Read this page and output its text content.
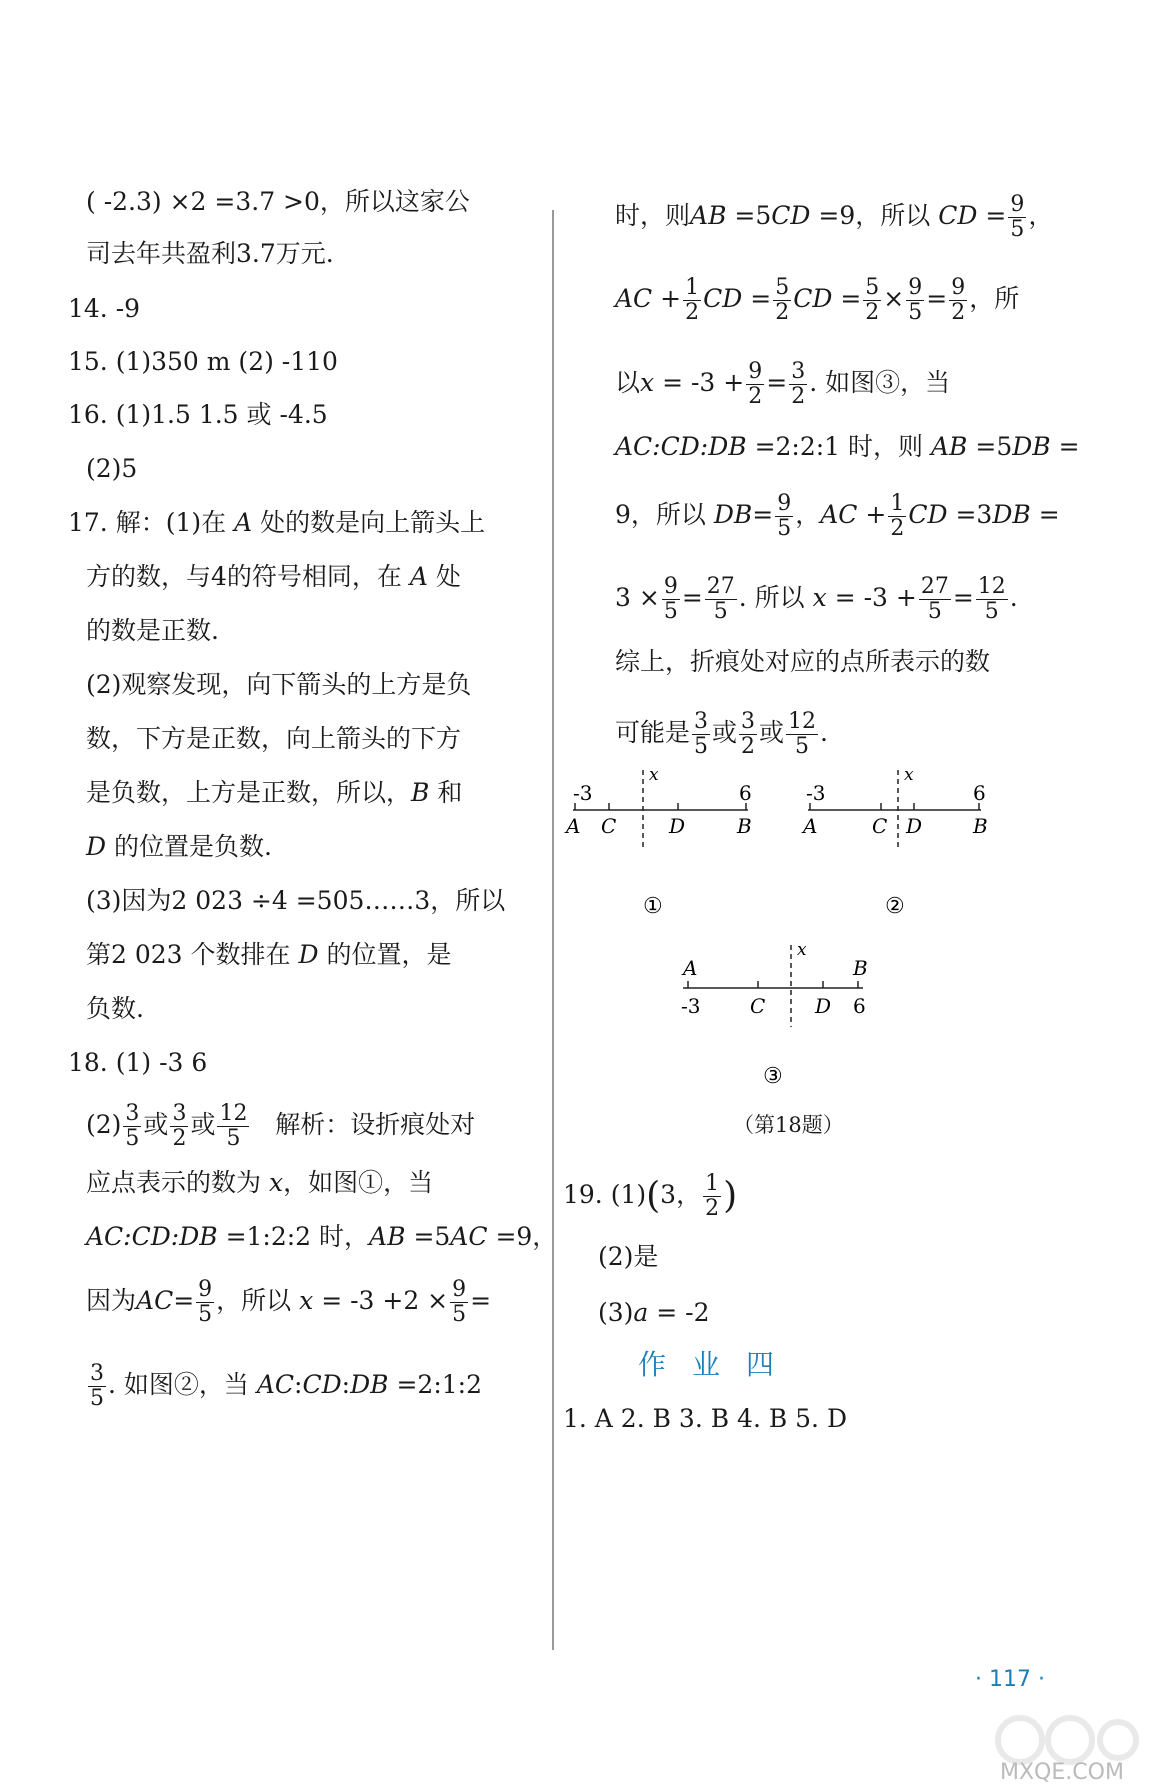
( -2.3) ×2 =3.7 >0，所以这家公
司去年共盈利3.7万元.
14. -9
15. (1)350 m (2) -110
16. (1)1.5 1.5 或 -4.5
(2)5
17. 解：(1)在 A 处的数是向上箭头上
方的数，与4的符号相同，在 A 处
的数是正数.
(2)观察发现，向下箭头的上方是负
数，下方是正数，向上箭头的下方
是负数，上方是正数，所以，B 和
D 的位置是负数.
(3)因为2 023 ÷4 =505……3，所以
第2 023 个数排在 D 的位置，是
负数.
18. (1) -3 6
$(2) \frac{3}{5}$ 或 $\frac{3}{2}$ 或 $\frac{12}{5}$ 解析：设折痕处对
应点表示的数为 x，如图①，当
AC:CD:DB =1:2:2 时，AB =5AC =9，
因为$AC= \frac{9}{5}$ ，所以 $x = -3 +2 \times \frac{9}{5}$ =
$\frac{3}{5}$ . 如图②，当 AC:CD:DB =2:1:2
时，则AB =5CD =9，所以 CD = $\frac{9}{5}$ ，
AC + $\frac{1}{2}$ CD = $\frac{5}{2}$ CD = $\frac{5}{2} \times \frac{9}{5} = \frac{9}{2}$ ，所
以$x = -3 + \frac{9}{2} = \frac{3}{2}$ . 如图③，当
AC:CD:DB =2:2:1 时，则 AB =5DB =
9，所以 $DB= \frac{9}{5}$ ，AC + $\frac{1}{2}$ CD =3DB =
$3 \times \frac{9}{5} = \frac{27}{5}$ . 所以 $x = -3 + \frac{27}{5} = \frac{12}{5}$ .
综上，折痕处对应的点所表示的数
可能是 $\frac{3}{5}$ 或 $\frac{3}{2}$ 或 $\frac{12}{5}$ .
x
-3	6
A C	D	B
①
x
-3	6
A	C D	B
②
x
A	B
-3 C D 6
③
（第18题）
19. (1)(3， $\frac{1}{2}$ )
(2)是
(3)a = -2
作业四
1. A 2. B 3. B 4. B 5. D
· 117 ·
MXQE.COM
